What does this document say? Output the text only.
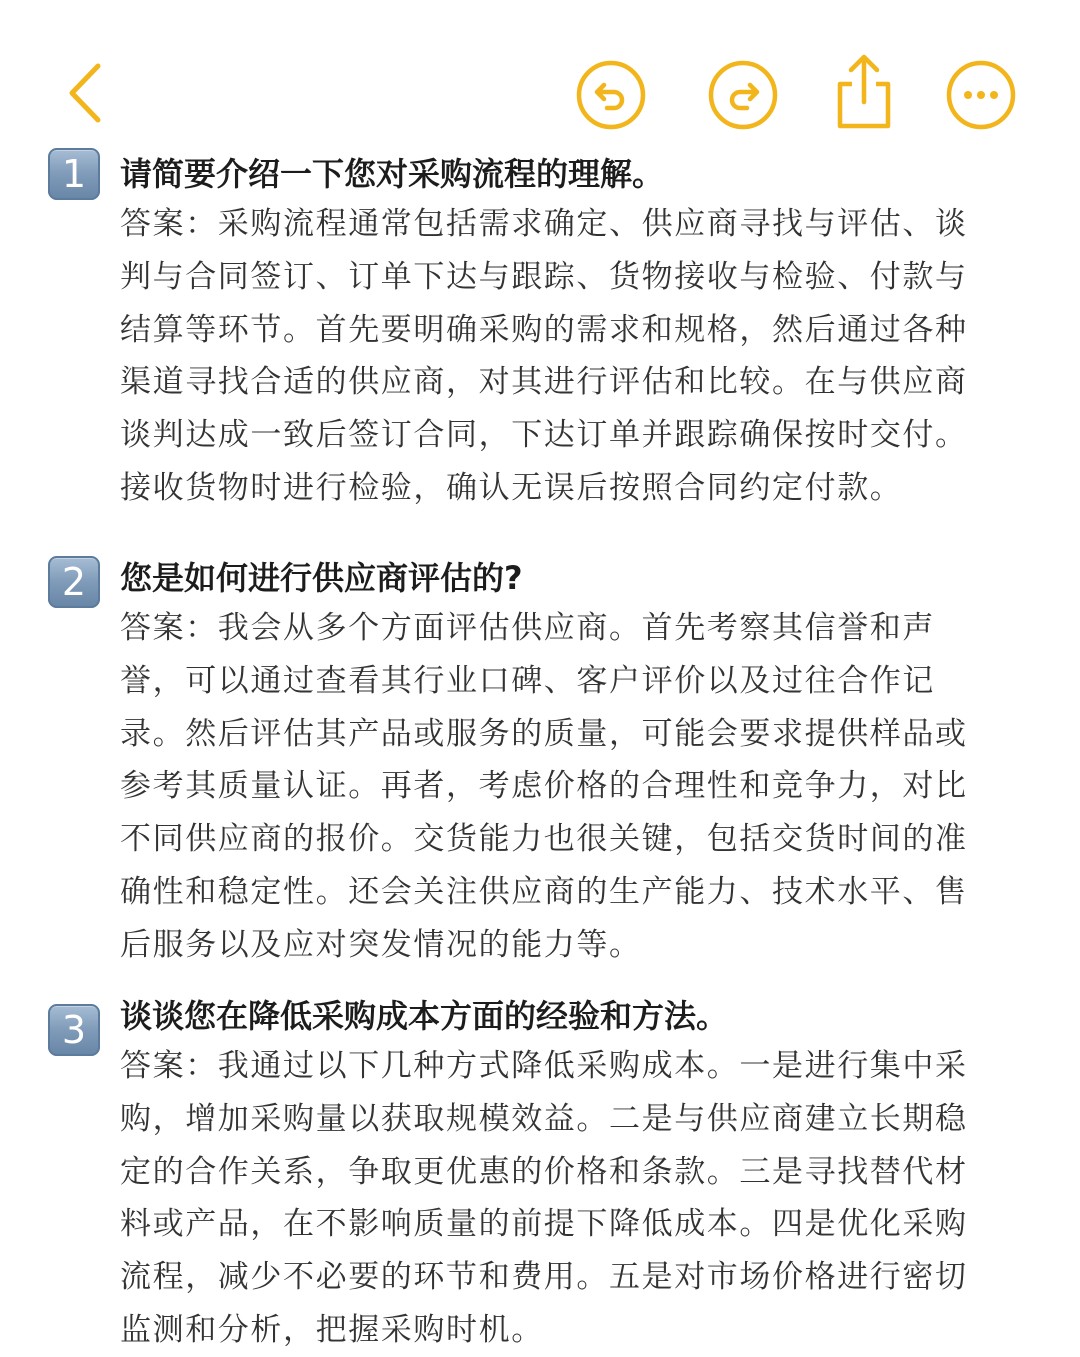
1	请简要介绍一下您对采购流程的理解。
答案：采购流程通常包括需求确定、供应商寻找与评估、谈判与合同签订、订单下达与跟踪、货物接收与检验、付款与结算等环节。首先要明确采购的需求和规格，然后通过各种渠道寻找合适的供应商，对其进行评估和比较。在与供应商谈判达成一致后签订合同，下达订单并跟踪确保按时交付。接收货物时进行检验，确认无误后按照合同约定付款。
2	您是如何进行供应商评估的?
答案：我会从多个方面评估供应商。首先考察其信誉和声誉，可以通过查看其行业口碑、客户评价以及过往合作记录。然后评估其产品或服务的质量，可能会要求提供样品或参考其质量认证。再者，考虑价格的合理性和竞争力，对比不同供应商的报价。交货能力也很关键，包括交货时间的准确性和稳定性。还会关注供应商的生产能力、技术水平、售后服务以及应对突发情况的能力等。
3	谈谈您在降低采购成本方面的经验和方法。
答案：我通过以下几种方式降低采购成本。一是进行集中采购，增加采购量以获取规模效益。二是与供应商建立长期稳定的合作关系，争取更优惠的价格和条款。三是寻找替代材料或产品，在不影响质量的前提下降低成本。四是优化采购流程，减少不必要的环节和费用。五是对市场价格进行密切监测和分析，把握采购时机。
